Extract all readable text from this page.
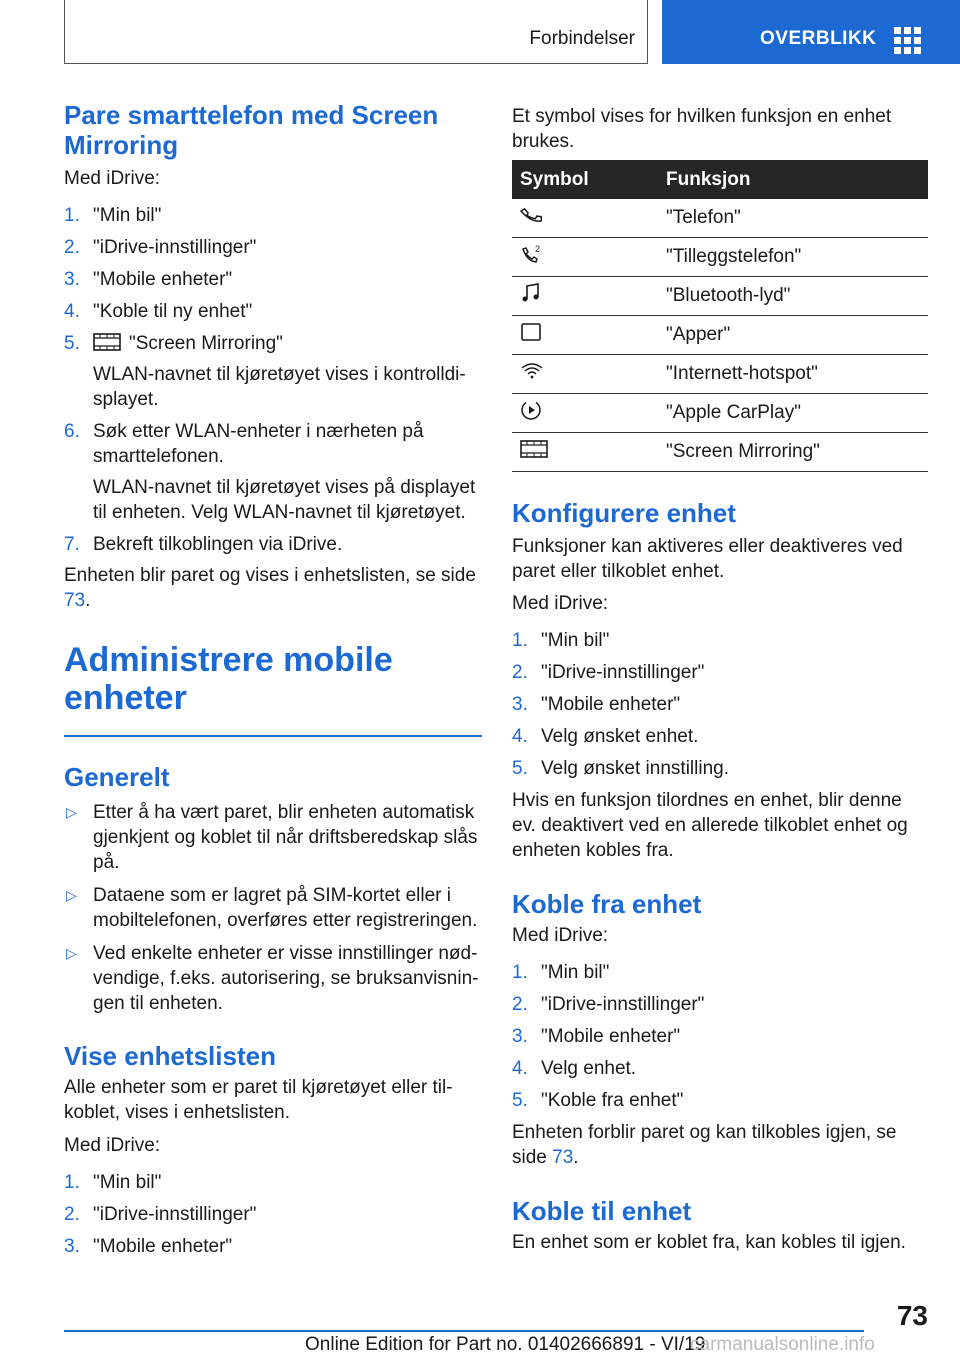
Forbindelser	OVERBLIKK
Pare smarttelefon med Screen Mirroring

Med iDrive:

1. "Min bil"
2. "iDrive-innstillinger"
3. "Mobile enheter"
4. "Koble til ny enhet"
5.	"Screen Mirroring"
WLAN-navnet til kjøretøyet vises i kontrolldi-splayet.
6. Søk etter WLAN-enheter i nærheten på smarttelefonen.
WLAN-navnet til kjøretøyet vises på displayet til enheten. Velg WLAN-navnet til kjøretøyet.
7. Bekreft tilkoblingen via iDrive.

Enheten blir paret og vises i enhetslisten, se side 73.

Administrere mobile enheter
Generelt
▷ Etter å ha vært paret, blir enheten automatisk gjenkjent og koblet til når driftsberedskap slås på.
▷ Dataene som er lagret på SIM-kortet eller i mobiltelefonen, overføres etter registreringen.
▷ Ved enkelte enheter er visse innstillinger nød-vendige, f.eks. autorisering, se bruksanvisnin-gen til enheten.
Vise enhetslisten

Alle enheter som er paret til kjøretøyet eller til-koblet, vises i enhetslisten.

Med iDrive:

1. "Min bil"
2. "iDrive-innstillinger"
3. "Mobile enheter"

Et symbol vises for hvilken funksjon en enhet brukes.

Symbol	Funksjon
	"Telefon"

2	"Tilleggstelefon"
	"Bluetooth-lyd"
	"Apper"
	"Internett-hotspot"
	"Apple CarPlay"
	"Screen Mirroring"
Konfigurere enhet

Funksjoner kan aktiveres eller deaktiveres ved paret eller tilkoblet enhet.

Med iDrive:

1. "Min bil"
2. "iDrive-innstillinger"
3. "Mobile enheter"
4. Velg ønsket enhet.
5. Velg ønsket innstilling.

Hvis en funksjon tilordnes en enhet, blir denne ev. deaktivert ved en allerede tilkoblet enhet og enheten kobles fra.

Koble fra enhet

Med iDrive:

1. "Min bil"
2. "iDrive-innstillinger"
3. "Mobile enheter"
4. Velg enhet.
5. "Koble fra enhet"

Enheten forblir paret og kan tilkobles igjen, se side 73.

Koble til enhet

En enhet som er koblet fra, kan kobles til igjen.

73
Online Edition for Part no. 01402666891 - VI/19
carmanualsonline.info
